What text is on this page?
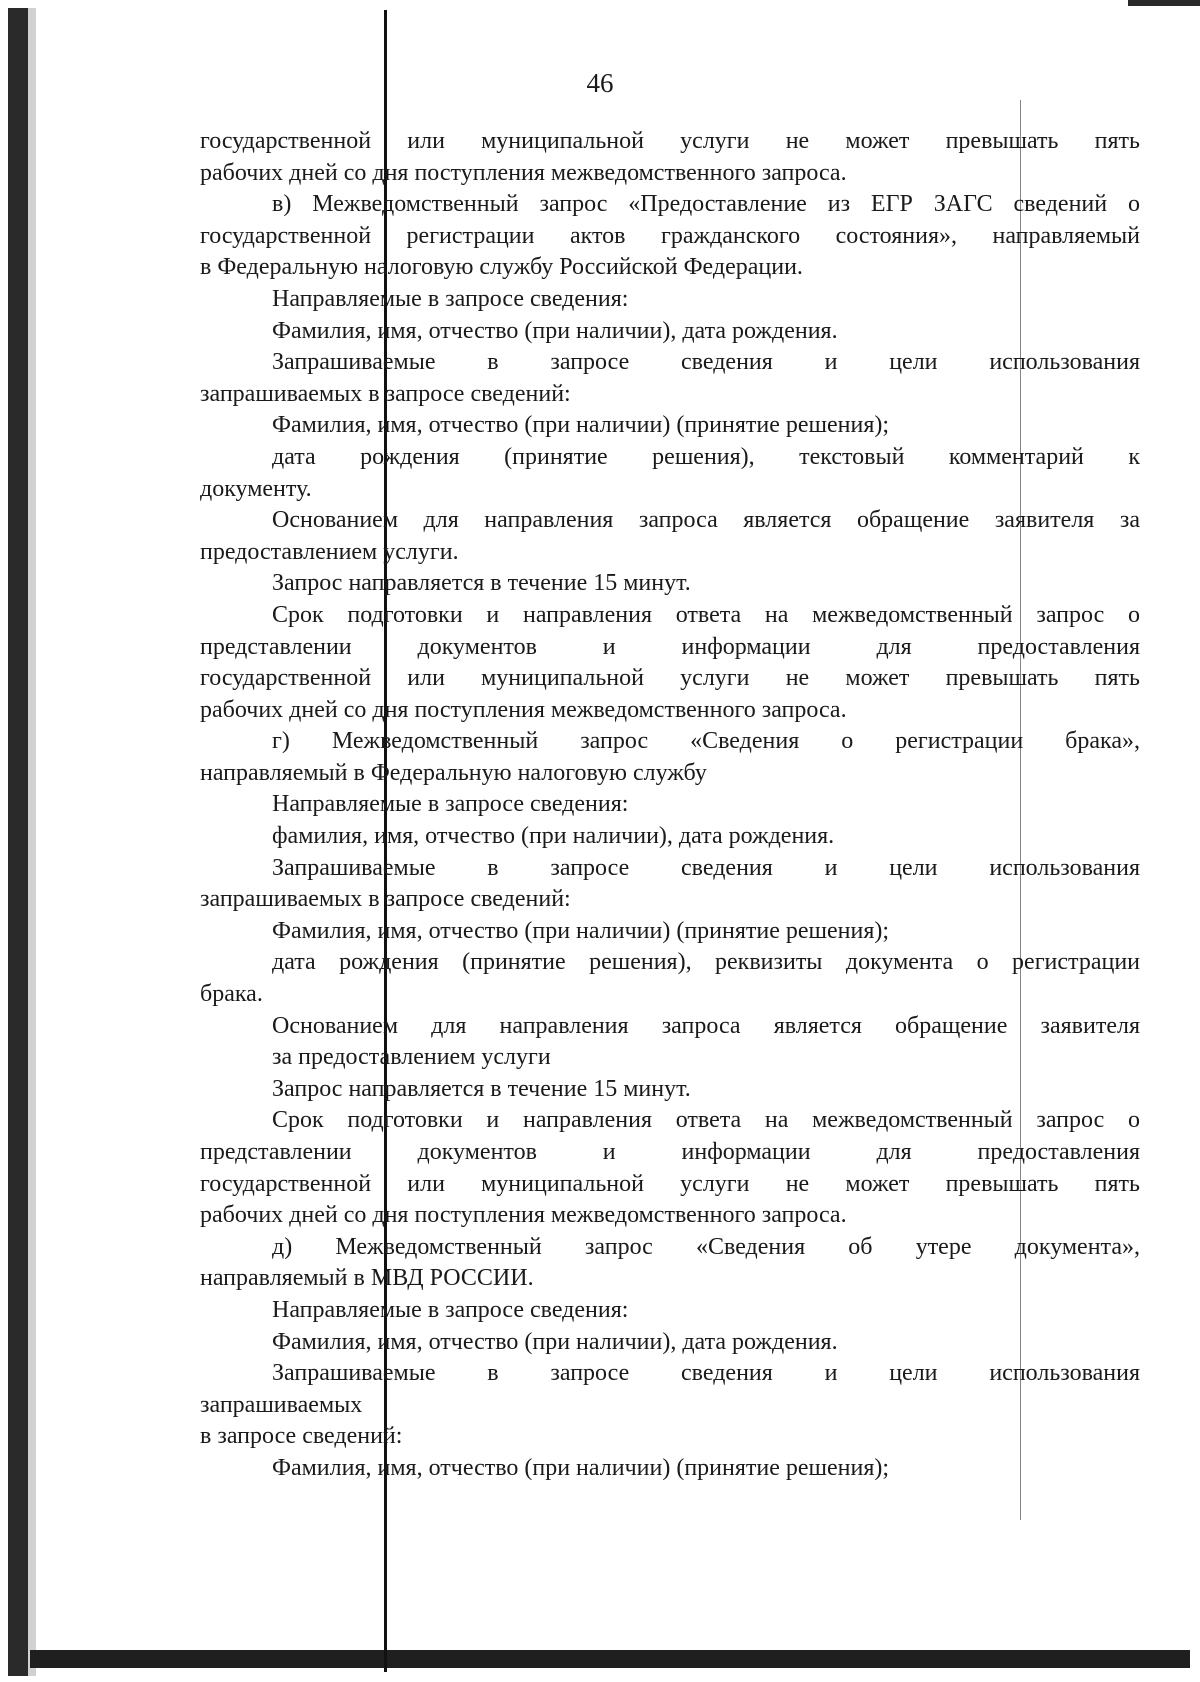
46

государственной или муниципальной услуги не может превышать пять

рабочих дней со дня поступления межведомственного запроса.

в) Межведомственный запрос «Предоставление из ЕГР ЗАГС сведений о

государственной регистрации актов гражданского состояния», направляемый

в Федеральную налоговую службу Российской Федерации.

Направляемые в запросе сведения:

Фамилия, имя, отчество (при наличии), дата рождения.

Запрашиваемые в запросе сведения и цели использования

запрашиваемых в запросе сведений:

Фамилия, имя, отчество (при наличии) (принятие решения);

дата рождения (принятие решения), текстовый комментарий к

документу.

Основанием для направления запроса является обращение заявителя за

предоставлением услуги.

Запрос направляется в течение 15 минут.

Срок подготовки и направления ответа на межведомственный запрос о

представлении документов и информации для предоставления

государственной или муниципальной услуги не может превышать пять

рабочих дней со дня поступления межведомственного запроса.

г) Межведомственный запрос «Сведения о регистрации брака»,

направляемый в Федеральную налоговую службу

Направляемые в запросе сведения:

фамилия, имя, отчество (при наличии), дата рождения.

Запрашиваемые в запросе сведения и цели использования

запрашиваемых в запросе сведений:

Фамилия, имя, отчество (при наличии) (принятие решения);

дата рождения (принятие решения), реквизиты документа о регистрации

брака.

Основанием для направления запроса является обращение заявителя

за предоставлением услуги

Запрос направляется в течение 15 минут.

Срок подготовки и направления ответа на межведомственный запрос о

представлении документов и информации для предоставления

государственной или муниципальной услуги не может превышать пять

рабочих дней со дня поступления межведомственного запроса.

д) Межведомственный запрос «Сведения об утере документа»,

направляемый в МВД РОССИИ.

Направляемые в запросе сведения:

Фамилия, имя, отчество (при наличии), дата рождения.

Запрашиваемые в запросе сведения и цели использования

запрашиваемых

в запросе сведений:

Фамилия, имя, отчество (при наличии) (принятие решения);
